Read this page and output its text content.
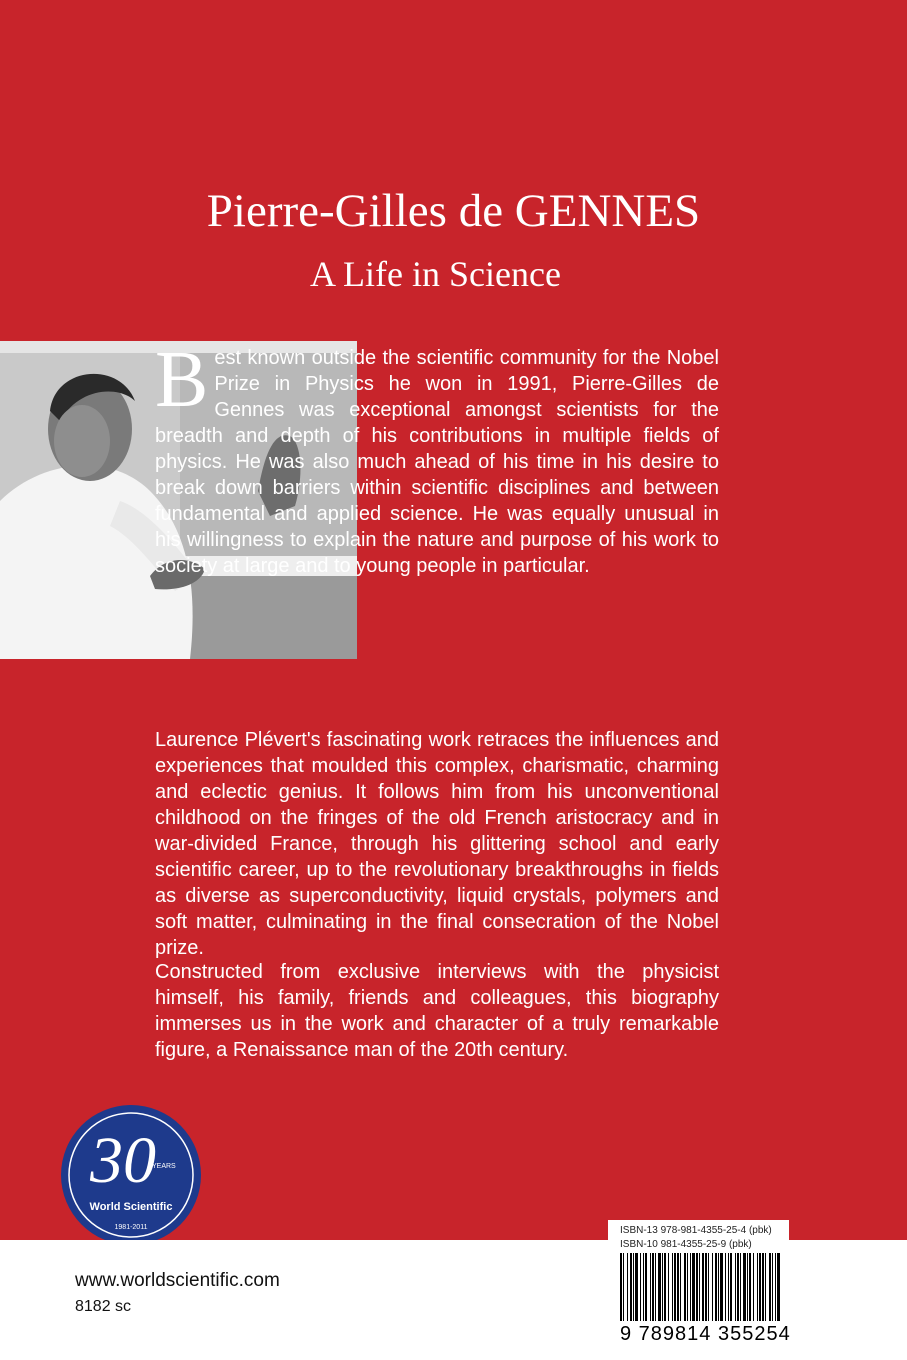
Pierre-Gilles de GENNES
A Life in Science
Best known outside the scientific community for the Nobel Prize in Physics he won in 1991, Pierre-Gilles de Gennes was exceptional amongst scientists for the breadth and depth of his contributions in multiple fields of physics. He was also much ahead of his time in his desire to break down barriers within scientific disciplines and between fundamental and applied science. He was equally unusual in his willingness to explain the nature and purpose of his work to society at large and to young people in particular.
Laurence Plévert's fascinating work retraces the influences and experiences that moulded this complex, charismatic, charming and eclectic genius. It follows him from his unconventional childhood on the fringes of the old French aristocracy and in war-divided France, through his glittering school and early scientific career, up to the revolutionary breakthroughs in fields as diverse as superconductivity, liquid crystals, polymers and soft matter, culminating in the final consecration of the Nobel prize.
Constructed from exclusive interviews with the physicist himself, his family, friends and colleagues, this biography immerses us in the work and character of a truly remarkable figure, a Renaissance man of the 20th century.
30
YEARS
World Scientific
1981-2011
www.worldscientific.com
8182 sc
ISBN-13 978-981-4355-25-4 (pbk)
ISBN-10 981-4355-25-9 (pbk)
9 789814 355254
